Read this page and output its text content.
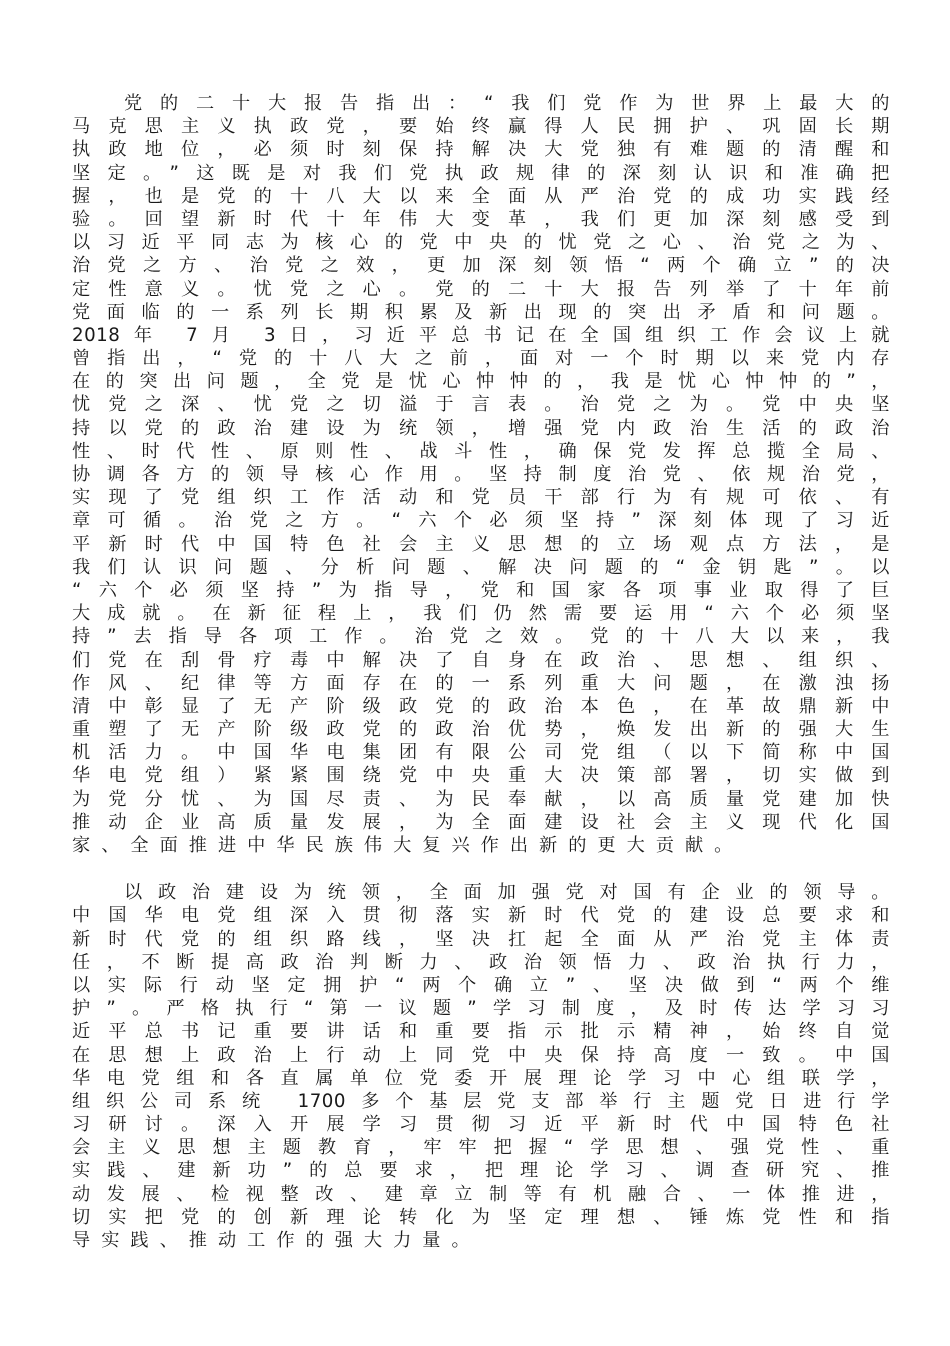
党的二十大报告指出：“我们党作为世界上最大的
马克思主义执政党，要始终赢得人民拥护、巩固长期
执政地位，必须时刻保持解决大党独有难题的清醒和
坚定。”这既是对我们党执政规律的深刻认识和准确把
握，也是党的十八大以来全面从严治党的成功实践经
验。回望新时代十年伟大变革，我们更加深刻感受到
以习近平同志为核心的党中央的忧党之心、治党之为、
治党之方、治党之效，更加深刻领悟“两个确立”的决
定性意义。忧党之心。党的二十大报告列举了十年前
党面临的一系列长期积累及新出现的突出矛盾和问题。
2018年 7月 3日，习近平总书记在全国组织工作会议上就
曾指出，“党的十八大之前，面对一个时期以来党内存
在的突出问题，全党是忧心忡忡的，我是忧心忡忡的”，
忧党之深、忧党之切溢于言表。治党之为。党中央坚
持以党的政治建设为统领，增强党内政治生活的政治
性、时代性、原则性、战斗性，确保党发挥总揽全局、
协调各方的领导核心作用。坚持制度治党、依规治党，
实现了党组织工作活动和党员干部行为有规可依、有
章可循。治党之方。“六个必须坚持”深刻体现了习近
平新时代中国特色社会主义思想的立场观点方法，是
我们认识问题、分析问题、解决问题的“金钥匙”。以
“六个必须坚持”为指导，党和国家各项事业取得了巨
大成就。在新征程上，我们仍然需要运用“六个必须坚
持”去指导各项工作。治党之效。党的十八大以来，我
们党在刮骨疗毒中解决了自身在政治、思想、组织、
作风、纪律等方面存在的一系列重大问题，在激浊扬
清中彰显了无产阶级政党的政治本色，在革故鼎新中
重塑了无产阶级政党的政治优势，焕发出新的强大生
机活力。中国华电集团有限公司党组（以下简称中国
华电党组）紧紧围绕党中央重大决策部署，切实做到
为党分忧、为国尽责、为民奉献，以高质量党建加快
推动企业高质量发展，为全面建设社会主义现代化国
家、全面推进中华民族伟大复兴作出新的更大贡献。
以政治建设为统领，全面加强党对国有企业的领导。
中国华电党组深入贯彻落实新时代党的建设总要求和
新时代党的组织路线，坚决扛起全面从严治党主体责
任，不断提高政治判断力、政治领悟力、政治执行力，
以实际行动坚定拥护“两个确立”、坚决做到“两个维
护”。严格执行“第一议题”学习制度，及时传达学习习
近平总书记重要讲话和重要指示批示精神，始终自觉
在思想上政治上行动上同党中央保持高度一致。中国
华电党组和各直属单位党委开展理论学习中心组联学，
组织公司系统 1700多个基层党支部举行主题党日进行学
习研讨。深入开展学习贯彻习近平新时代中国特色社
会主义思想主题教育，牢牢把握“学思想、强党性、重
实践、建新功”的总要求，把理论学习、调查研究、推
动发展、检视整改、建章立制等有机融合、一体推进，
切实把党的创新理论转化为坚定理想、锤炼党性和指
导实践、推动工作的强大力量。
